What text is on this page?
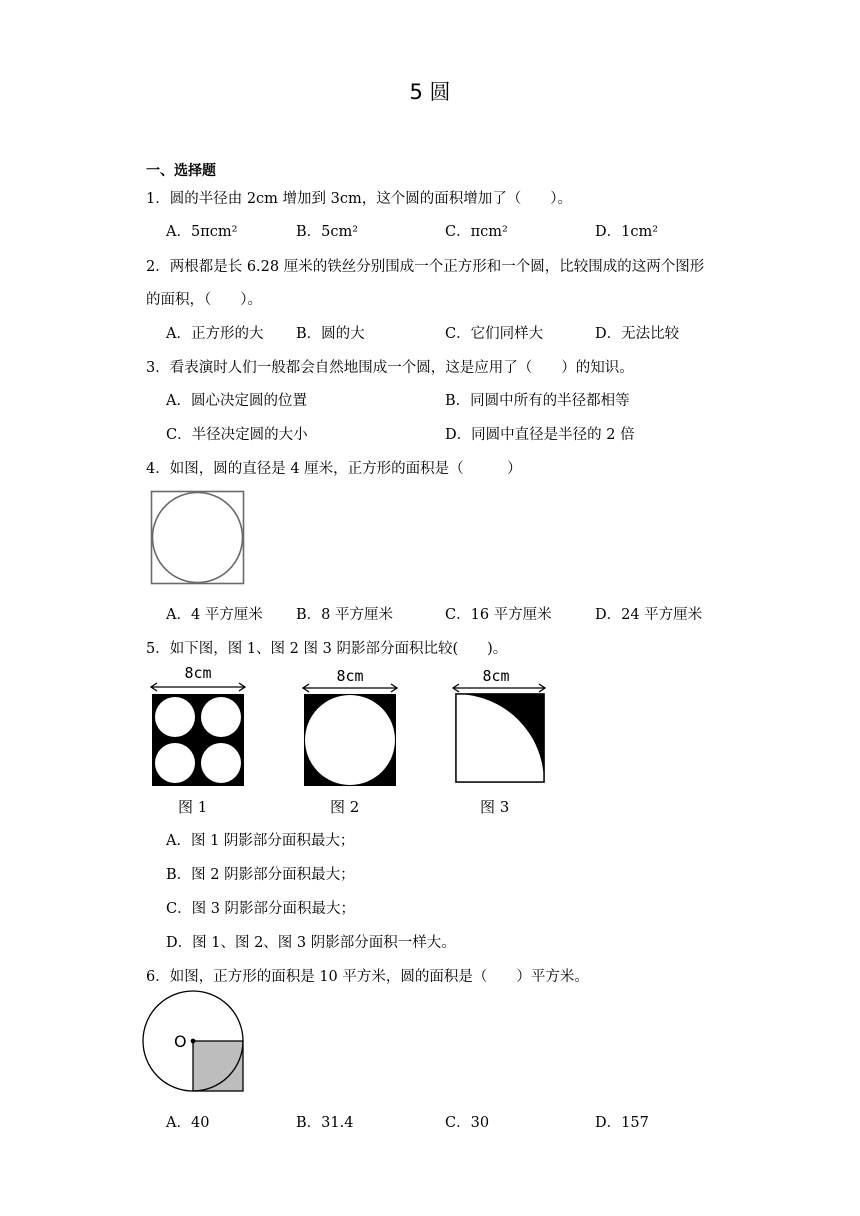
5 圆
一、选择题
1．圆的半径由 2cm 增加到 3cm，这个圆的面积增加了（　　）。
A．5πcm²	B．5cm²	C．πcm²	D．1cm²
2．两根都是长 6.28 厘米的铁丝分别围成一个正方形和一个圆，比较围成的这两个图形
的面积，（　　）。
A．正方形的大 B．圆的大	C．它们同样大	D．无法比较
3．看表演时人们一般都会自然地围成一个圆，这是应用了（　　）的知识。
A．圆心决定圆的位置	B．同圆中所有的半径都相等
C．半径决定圆的大小	D．同圆中直径是半径的 2 倍
4．如图，圆的直径是 4 厘米，正方形的面积是（　　　）
A．4 平方厘米 B．8 平方厘米	C．16 平方厘米	D．24 平方厘米
5．如下图，图 1、图 2 图 3 阴影部分面积比较(　　)。
8cm
图 1
8cm
图 2
8cm
图 3
A．图 1 阴影部分面积最大；
B．图 2 阴影部分面积最大；
C．图 3 阴影部分面积最大；
D．图 1、图 2、图 3 阴影部分面积一样大。
6．如图，正方形的面积是 10 平方米，圆的面积是（　　）平方米。
O
A．40	B．31.4	C．30	D．157
